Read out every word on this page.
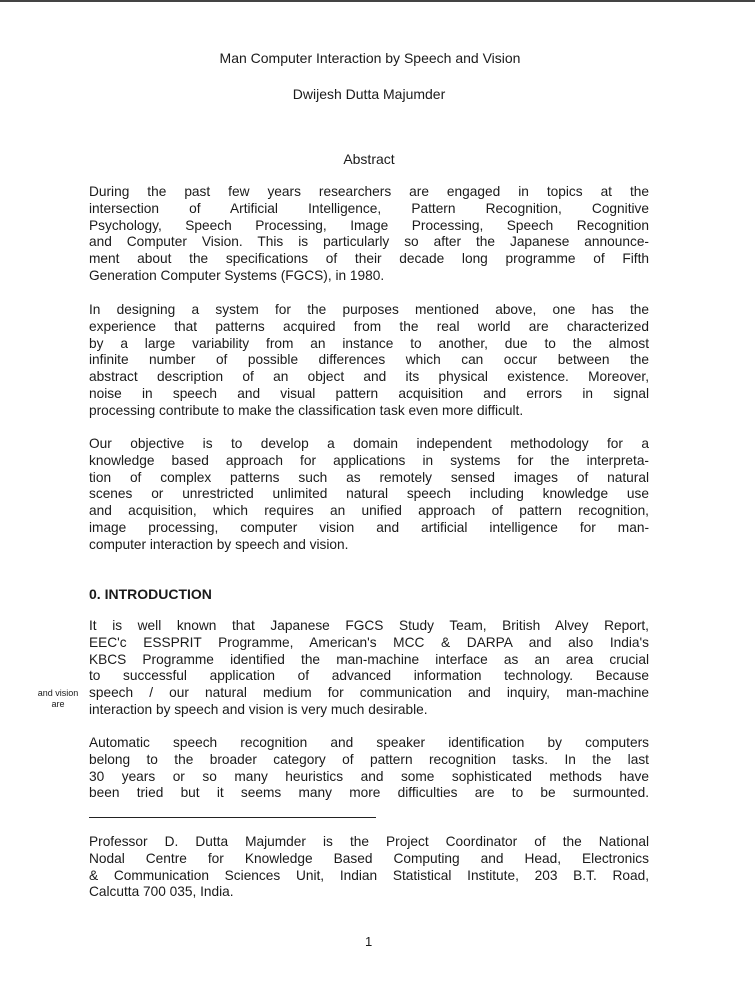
Man Computer Interaction by Speech and Vision
Dwijesh Dutta Majumder
Abstract
During the past few years researchers are engaged in topics at the
intersection of Artificial Intelligence, Pattern Recognition, Cognitive
Psychology, Speech Processing, Image Processing, Speech Recognition
and Computer Vision. This is particularly so after the Japanese announce-
ment about the specifications of their decade long programme of Fifth
Generation Computer Systems (FGCS), in 1980.
In designing a system for the purposes mentioned above, one has the
experience that patterns acquired from the real world are characterized
by a large variability from an instance to another, due to the almost
infinite number of possible differences which can occur between the
abstract description of an object and its physical existence. Moreover,
noise in speech and visual pattern acquisition and errors in signal
processing contribute to make the classification task even more difficult.
Our objective is to develop a domain independent methodology for a
knowledge based approach for applications in systems for the interpreta-
tion of complex patterns such as remotely sensed images of natural
scenes or unrestricted unlimited natural speech including knowledge use
and acquisition, which requires an unified approach of pattern recognition,
image processing, computer vision and artificial intelligence for man-
computer interaction by speech and vision.
0. INTRODUCTION
and vision
are
It is well known that Japanese FGCS Study Team, British Alvey Report,
EEC'c ESSPRIT Programme, American's MCC & DARPA and also India's
KBCS Programme identified the man-machine interface as an area crucial
to successful application of advanced information technology. Because
speech / our natural medium for communication and inquiry, man-machine
interaction by speech and vision is very much desirable.
Automatic speech recognition and speaker identification by computers
belong to the broader category of pattern recognition tasks. In the last
30 years or so many heuristics and some sophisticated methods have
been tried but it seems many more difficulties are to be surmounted.
Professor D. Dutta Majumder is the Project Coordinator of the National
Nodal Centre for Knowledge Based Computing and Head, Electronics
& Communication Sciences Unit, Indian Statistical Institute, 203 B.T. Road,
Calcutta 700 035, India.
1
